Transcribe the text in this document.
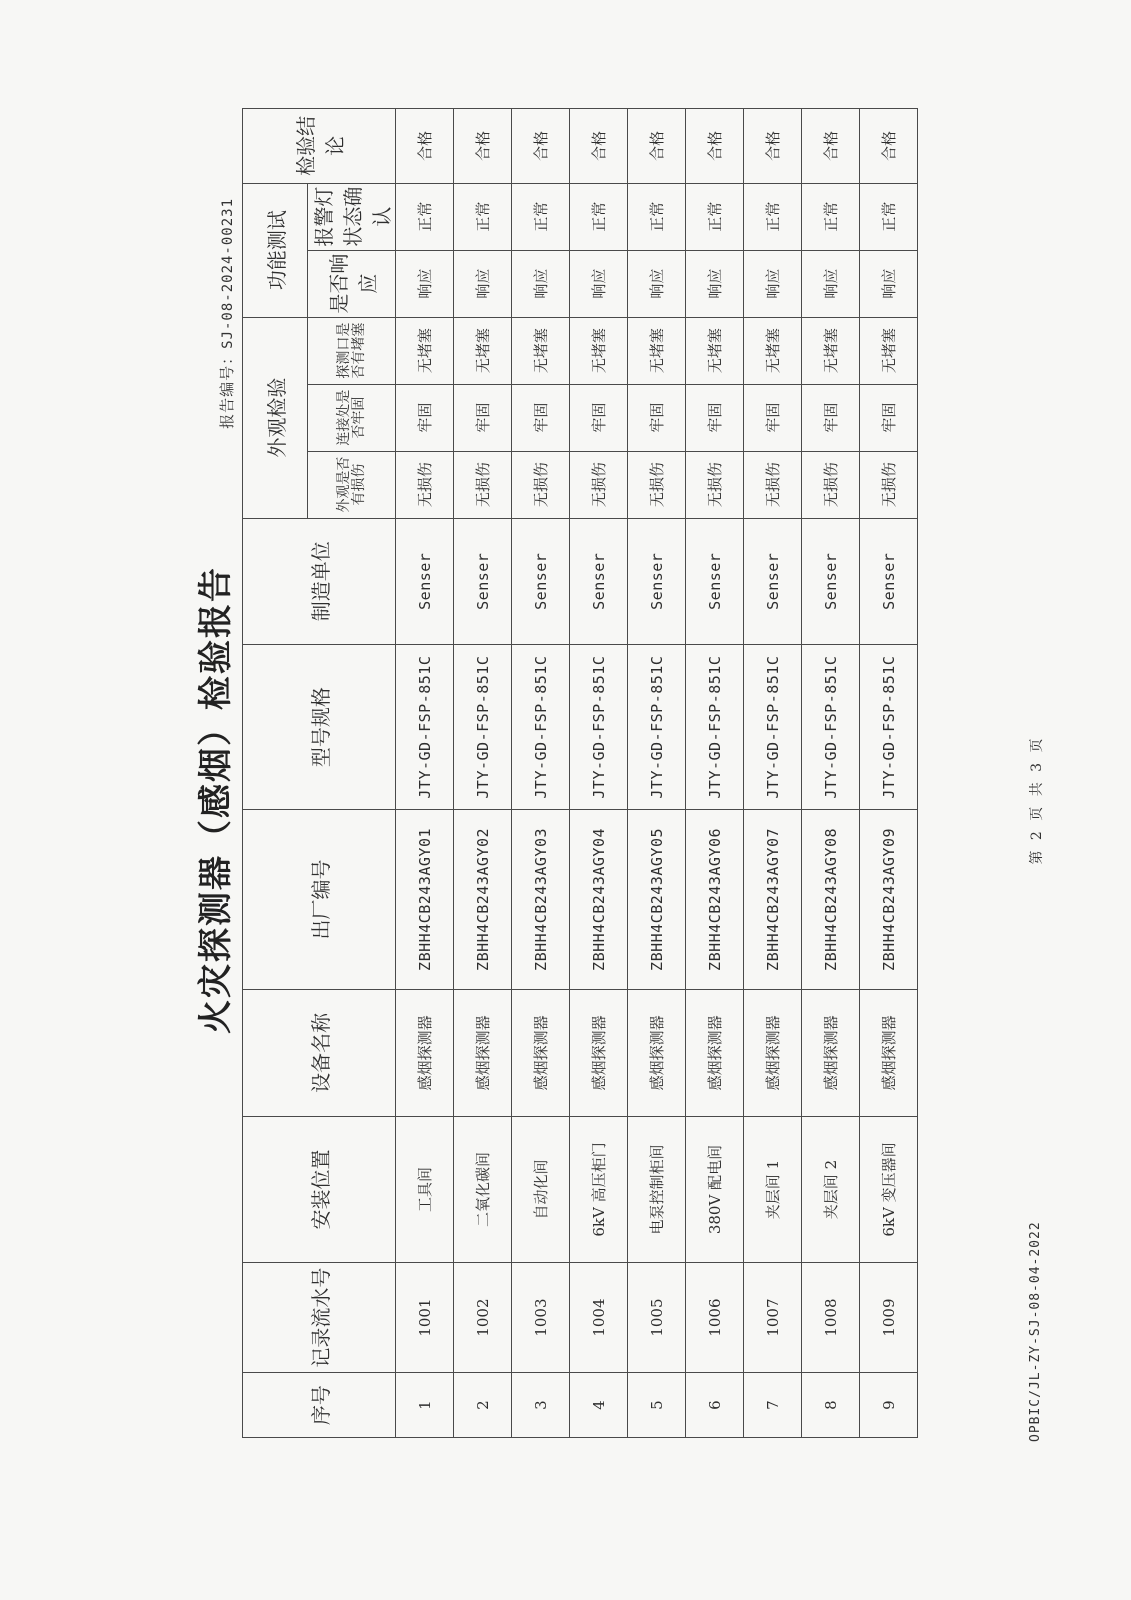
OPBIC/JL-ZY-SJ-08-04-2022
火灾探测器（感烟）检验报告
报告编号：SJ-08-2024-00231
序号	记录流水号	安装位置	设备名称	出厂编号	型号规格	制造单位	外观检验			功能测试		检验结论
										是否响应	报警灯状态确认	
							外观是否有损伤	连接处是否牢固	探测口是否有堵塞			
1	1001	工具间	感烟探测器	ZBHH4CB243AGY01	JTY-GD-FSP-851C	Senser	无损伤	牢固	无堵塞	响应	正常	合格
2	1002	二氧化碳间	感烟探测器	ZBHH4CB243AGY02	JTY-GD-FSP-851C	Senser	无损伤	牢固	无堵塞	响应	正常	合格
3	1003	自动化间	感烟探测器	ZBHH4CB243AGY03	JTY-GD-FSP-851C	Senser	无损伤	牢固	无堵塞	响应	正常	合格
4	1004	6kV 高压柜门	感烟探测器	ZBHH4CB243AGY04	JTY-GD-FSP-851C	Senser	无损伤	牢固	无堵塞	响应	正常	合格
5	1005	电泵控制柜间	感烟探测器	ZBHH4CB243AGY05	JTY-GD-FSP-851C	Senser	无损伤	牢固	无堵塞	响应	正常	合格
6	1006	380V 配电间	感烟探测器	ZBHH4CB243AGY06	JTY-GD-FSP-851C	Senser	无损伤	牢固	无堵塞	响应	正常	合格
7	1007	夹层间 1	感烟探测器	ZBHH4CB243AGY07	JTY-GD-FSP-851C	Senser	无损伤	牢固	无堵塞	响应	正常	合格
8	1008	夹层间 2	感烟探测器	ZBHH4CB243AGY08	JTY-GD-FSP-851C	Senser	无损伤	牢固	无堵塞	响应	正常	合格
9	1009	6kV 变压器间	感烟探测器	ZBHH4CB243AGY09	JTY-GD-FSP-851C	Senser	无损伤	牢固	无堵塞	响应	正常	合格
第 2 页 共 3 页
